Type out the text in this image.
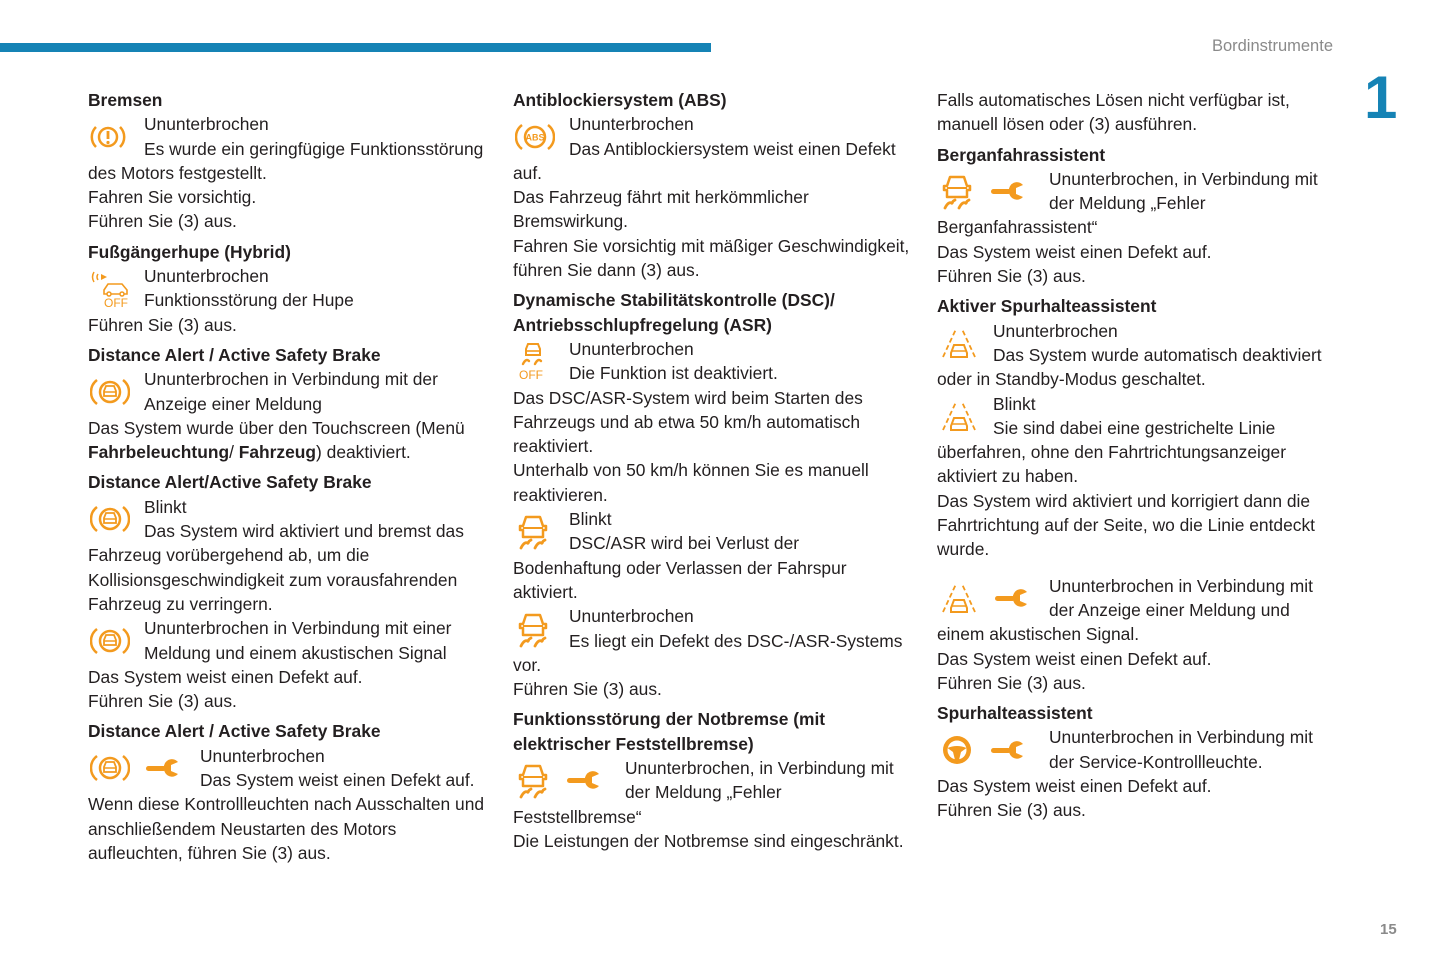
Bordinstrumente
1
15
Bremsen
Ununterbrochen
Es wurde ein geringfügige Funktionsstörung des Motors festgestellt.
Fahren Sie vorsichtig.
Führen Sie (3) aus.
Fußgängerhupe (Hybrid)
OFF
Ununterbrochen
Funktionsstörung der Hupe
Führen Sie (3) aus.
Distance Alert / Active Safety Brake
Ununterbrochen in Verbindung mit der Anzeige einer Meldung
Das System wurde über den Touchscreen (Menü Fahrbeleuchtung/ Fahrzeug) deaktiviert.
Distance Alert/Active Safety Brake
Blinkt
Das System wird aktiviert und bremst das Fahrzeug vorübergehend ab, um die Kollisionsgeschwindigkeit zum vorausfahrenden Fahrzeug zu verringern.
Ununterbrochen in Verbindung mit einer Meldung und einem akustischen Signal
Das System weist einen Defekt auf.
Führen Sie (3) aus.
Distance Alert / Active Safety Brake
Ununterbrochen
Das System weist einen Defekt auf.
Wenn diese Kontrollleuchten nach Ausschalten und anschließendem Neustarten des Motors aufleuchten, führen Sie (3) aus.
Antiblockiersystem (ABS)
ABS
Ununterbrochen
Das Antiblockiersystem weist einen Defekt auf.
Das Fahrzeug fährt mit herkömmlicher Bremswirkung.
Fahren Sie vorsichtig mit mäßiger Geschwindigkeit, führen Sie dann (3) aus.
Dynamische Stabilitätskontrolle (DSC)/ Antriebsschlupfregelung (ASR)
OFF
Ununterbrochen
Die Funktion ist deaktiviert.
Das DSC/ASR-System wird beim Starten des Fahrzeugs und ab etwa 50 km/h automatisch reaktiviert.
Unterhalb von 50 km/h können Sie es manuell reaktivieren.
Blinkt
DSC/ASR wird bei Verlust der Bodenhaftung oder Verlassen der Fahrspur aktiviert.
Ununterbrochen
Es liegt ein Defekt des DSC-/ASR-Systems vor.
Führen Sie (3) aus.
Funktionsstörung der Notbremse (mit elektrischer Feststellbremse)
Ununterbrochen, in Verbindung mit der Meldung „Fehler Feststellbremse“
Die Leistungen der Notbremse sind eingeschränkt.
Falls automatisches Lösen nicht verfügbar ist, manuell lösen oder (3) ausführen.
Berganfahrassistent
Ununterbrochen, in Verbindung mit der Meldung „Fehler Berganfahrassistent“
Das System weist einen Defekt auf.
Führen Sie (3) aus.
Aktiver Spurhalteassistent
Ununterbrochen
Das System wurde automatisch deaktiviert oder in Standby-Modus geschaltet.
Blinkt
Sie sind dabei eine gestrichelte Linie überfahren, ohne den Fahrtrichtungsanzeiger aktiviert zu haben.
Das System wird aktiviert und korrigiert dann die Fahrtrichtung auf der Seite, wo die Linie entdeckt wurde.
Ununterbrochen in Verbindung mit der Anzeige einer Meldung und einem akustischen Signal.
Das System weist einen Defekt auf.
Führen Sie (3) aus.
Spurhalteassistent
Ununterbrochen in Verbindung mit der Service-Kontrollleuchte.
Das System weist einen Defekt auf.
Führen Sie (3) aus.
